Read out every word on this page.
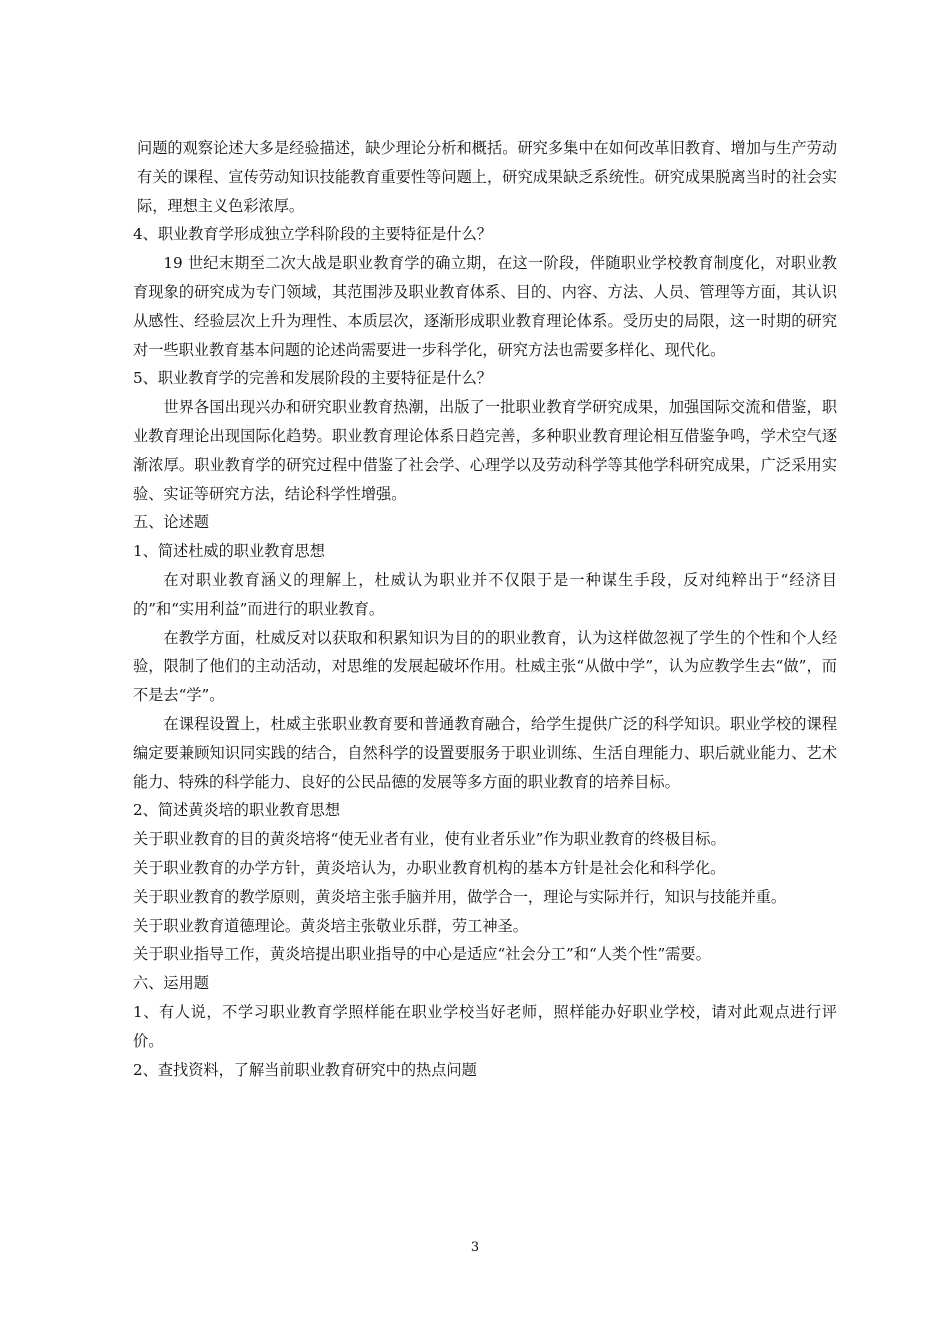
问题的观察论述大多是经验描述，缺少理论分析和概括。研究多集中在如何改革旧教育、增加与生产劳动有关的课程、宣传劳动知识技能教育重要性等问题上，研究成果缺乏系统性。研究成果脱离当时的社会实际，理想主义色彩浓厚。

4、职业教育学形成独立学科阶段的主要特征是什么？

19 世纪末期至二次大战是职业教育学的确立期，在这一阶段，伴随职业学校教育制度化，对职业教育现象的研究成为专门领域，其范围涉及职业教育体系、目的、内容、方法、人员、管理等方面，其认识从感性、经验层次上升为理性、本质层次，逐渐形成职业教育理论体系。受历史的局限，这一时期的研究对一些职业教育基本问题的论述尚需要进一步科学化，研究方法也需要多样化、现代化。

5、职业教育学的完善和发展阶段的主要特征是什么？

世界各国出现兴办和研究职业教育热潮，出版了一批职业教育学研究成果，加强国际交流和借鉴，职业教育理论出现国际化趋势。职业教育理论体系日趋完善，多种职业教育理论相互借鉴争鸣，学术空气逐渐浓厚。职业教育学的研究过程中借鉴了社会学、心理学以及劳动科学等其他学科研究成果，广泛采用实验、实证等研究方法，结论科学性增强。

五、论述题

1、简述杜威的职业教育思想

在对职业教育涵义的理解上，杜威认为职业并不仅限于是一种谋生手段，反对纯粹出于“经济目的”和“实用利益”而进行的职业教育。

在教学方面，杜威反对以获取和积累知识为目的的职业教育，认为这样做忽视了学生的个性和个人经验，限制了他们的主动活动，对思维的发展起破坏作用。杜威主张“从做中学”，认为应教学生去“做”，而不是去“学”。

在课程设置上，杜威主张职业教育要和普通教育融合，给学生提供广泛的科学知识。职业学校的课程编定要兼顾知识同实践的结合，自然科学的设置要服务于职业训练、生活自理能力、职后就业能力、艺术能力、特殊的科学能力、良好的公民品德的发展等多方面的职业教育的培养目标。

2、简述黄炎培的职业教育思想

关于职业教育的目的黄炎培将“使无业者有业，使有业者乐业”作为职业教育的终极目标。

关于职业教育的办学方针，黄炎培认为，办职业教育机构的基本方针是社会化和科学化。

关于职业教育的教学原则，黄炎培主张手脑并用，做学合一，理论与实际并行，知识与技能并重。

关于职业教育道德理论。黄炎培主张敬业乐群，劳工神圣。

关于职业指导工作，黄炎培提出职业指导的中心是适应“社会分工”和“人类个性”需要。

六、运用题

1、有人说，不学习职业教育学照样能在职业学校当好老师，照样能办好职业学校，请对此观点进行评价。

2、查找资料，了解当前职业教育研究中的热点问题

3
